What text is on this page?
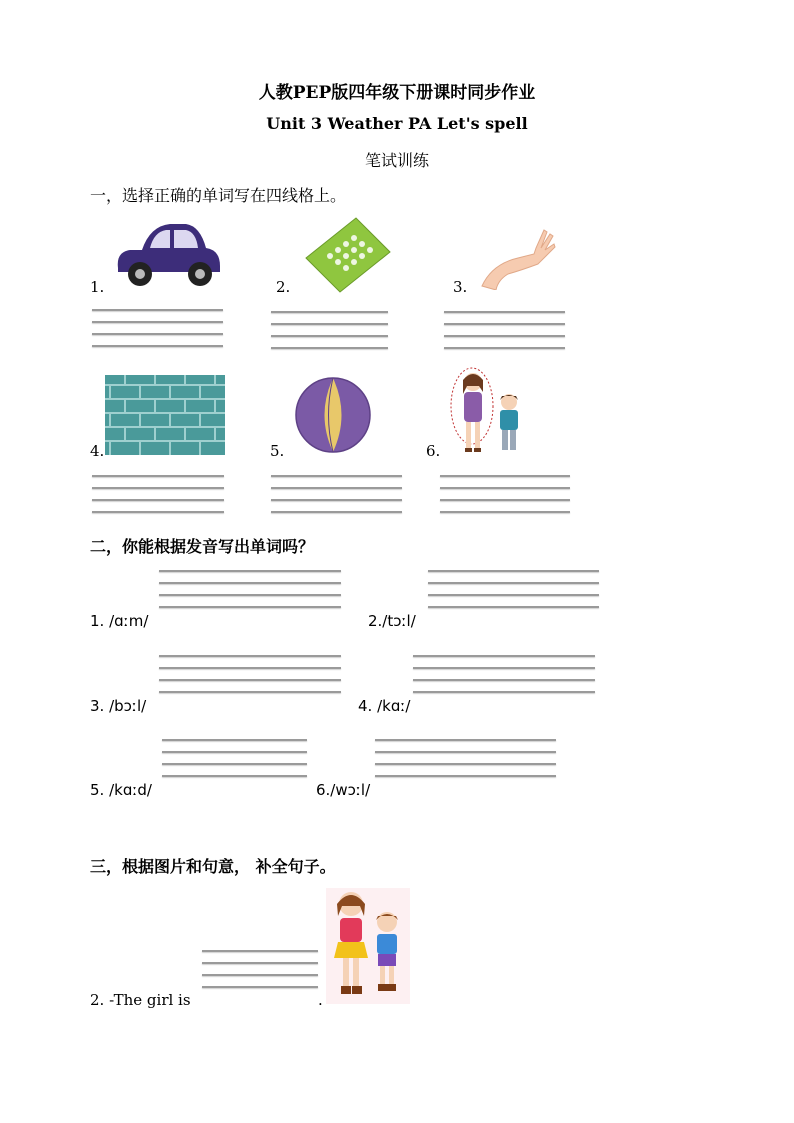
人教PEP版四年级下册课时同步作业
Unit 3 Weather PA Let's spell
笔试训练
一，选择正确的单词写在四线格上。
1.	2.	3.
4.	5.	6.
二，你能根据发音写出单词吗？
1. /ɑːm/	2./tɔːl/
3. /bɔːl/	4. /kɑː/
5. /kɑːd/	6./wɔːl/
三，根据图片和句意， 补全句子。
2. -The girl is	.
